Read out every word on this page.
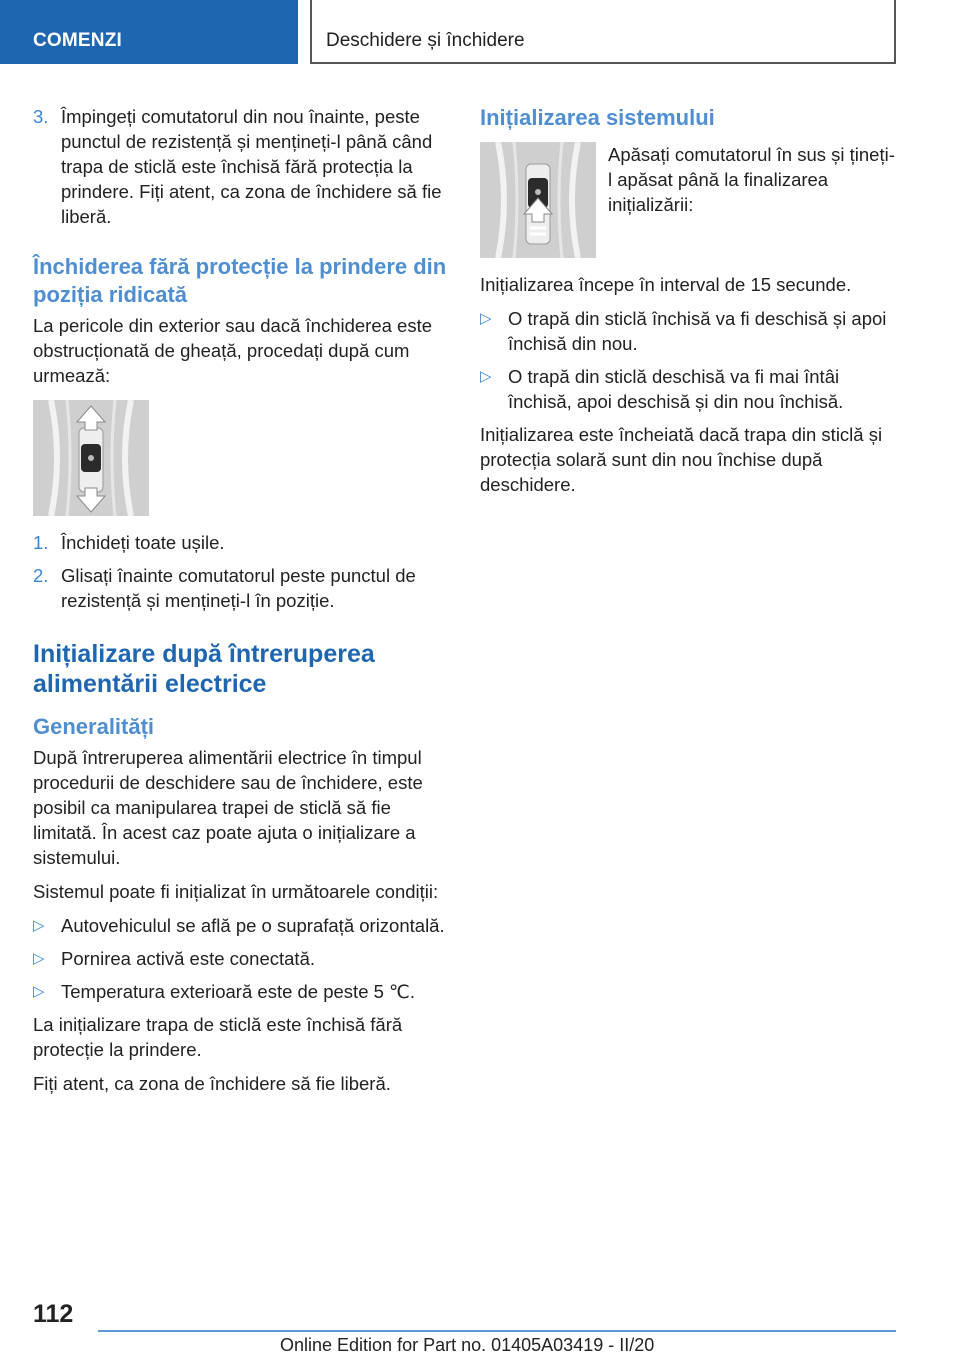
COMENZI	Deschidere și închidere
3. Împingeți comutatorul din nou înainte, peste punctul de rezistență și mențineți-l până când trapa de sticlă este închisă fără protecția la prindere. Fiți atent, ca zona de închidere să fie liberă.
Închiderea fără protecție la prindere din poziția ridicată

La pericole din exterior sau dacă închiderea este obstrucționată de gheață, procedați după cum urmează:

1. Închideți toate ușile.
2. Glisați înainte comutatorul peste punctul de rezistență și mențineți-l în poziție.
Inițializare după întreruperea alimentării electrice
Generalități

După întreruperea alimentării electrice în timpul procedurii de deschidere sau de închidere, este posibil ca manipularea trapei de sticlă să fie limitată. În acest caz poate ajuta o inițializare a sistemului.

Sistemul poate fi inițializat în următoarele condiții:

▷ Autovehiculul se află pe o suprafață orizontală.
▷ Pornirea activă este conectată.
▷ Temperatura exterioară este de peste 5 ℃.

La inițializare trapa de sticlă este închisă fără protecție la prindere.

Fiți atent, ca zona de închidere să fie liberă.

Inițializarea sistemului

Apăsați comutatorul în sus și țineți-l apăsat până la finalizarea inițializării:

Inițializarea începe în interval de 15 secunde.

▷ O trapă din sticlă închisă va fi deschisă și apoi închisă din nou.
▷ O trapă din sticlă deschisă va fi mai întâi închisă, apoi deschisă și din nou închisă.

Inițializarea este încheiată dacă trapa din sticlă și protecția solară sunt din nou închise după deschidere.

112
Online Edition for Part no. 01405A03419 - II/20
